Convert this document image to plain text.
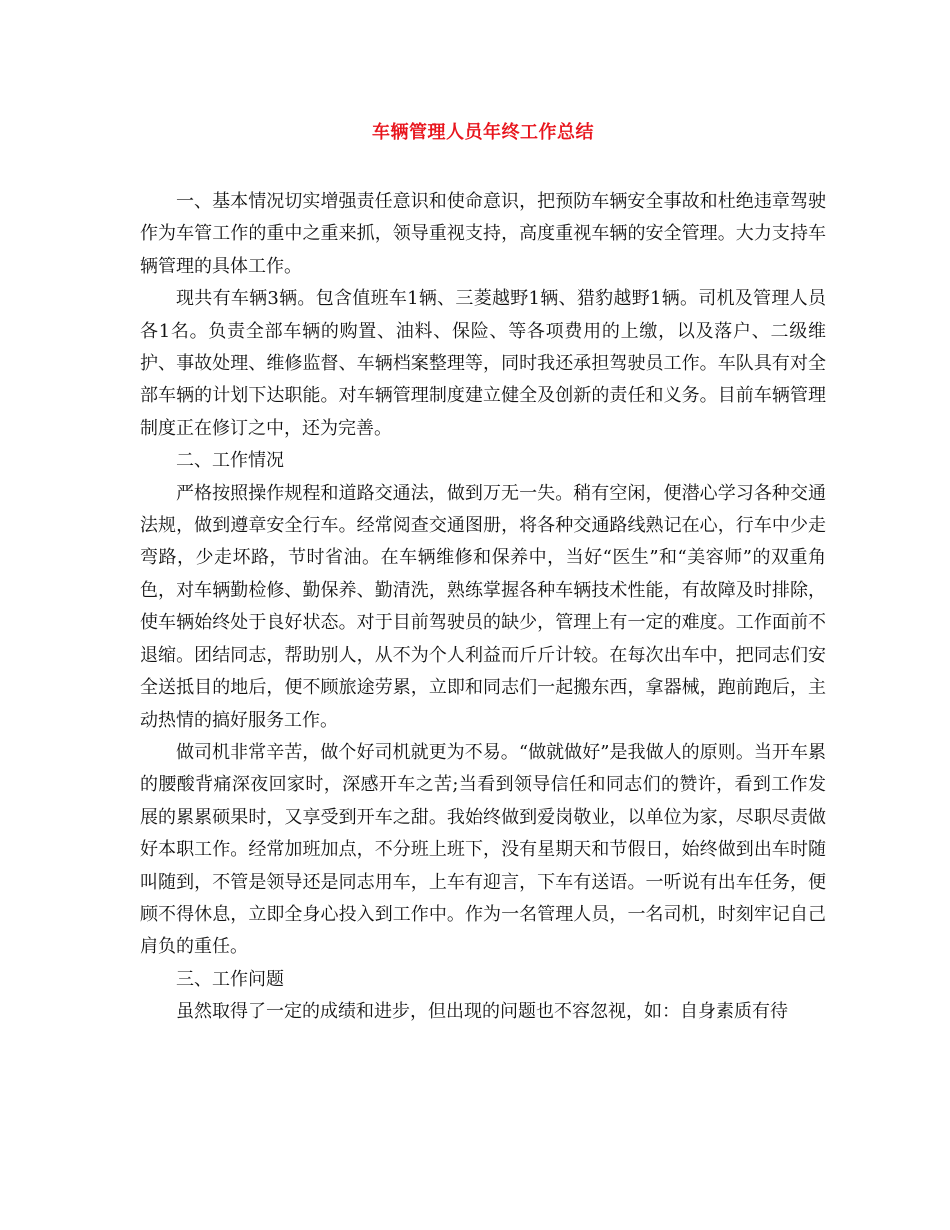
车辆管理人员年终工作总结

一、基本情况切实增强责任意识和使命意识，把预防车辆安全事故和杜绝违章驾驶作为车管工作的重中之重来抓，领导重视支持，高度重视车辆的安全管理。大力支持车辆管理的具体工作。

现共有车辆3辆。包含值班车1辆、三菱越野1辆、猎豹越野1辆。司机及管理人员各1名。负责全部车辆的购置、油料、保险、等各项费用的上缴，以及落户、二级维护、事故处理、维修监督、车辆档案整理等，同时我还承担驾驶员工作。车队具有对全部车辆的计划下达职能。对车辆管理制度建立健全及创新的责任和义务。目前车辆管理制度正在修订之中，还为完善。

二、工作情况

严格按照操作规程和道路交通法，做到万无一失。稍有空闲，便潜心学习各种交通法规，做到遵章安全行车。经常阅查交通图册，将各种交通路线熟记在心，行车中少走弯路，少走坏路，节时省油。在车辆维修和保养中，当好“医生”和“美容师”的双重角色，对车辆勤检修、勤保养、勤清洗，熟练掌握各种车辆技术性能，有故障及时排除，使车辆始终处于良好状态。对于目前驾驶员的缺少，管理上有一定的难度。工作面前不退缩。团结同志，帮助别人，从不为个人利益而斤斤计较。在每次出车中，把同志们安全送抵目的地后，便不顾旅途劳累，立即和同志们一起搬东西，拿器械，跑前跑后，主动热情的搞好服务工作。

做司机非常辛苦，做个好司机就更为不易。“做就做好”是我做人的原则。当开车累的腰酸背痛深夜回家时，深感开车之苦;当看到领导信任和同志们的赞许，看到工作发展的累累硕果时，又享受到开车之甜。我始终做到爱岗敬业，以单位为家，尽职尽责做好本职工作。经常加班加点，不分班上班下，没有星期天和节假日，始终做到出车时随叫随到，不管是领导还是同志用车，上车有迎言，下车有送语。一听说有出车任务，便顾不得休息，立即全身心投入到工作中。作为一名管理人员，一名司机，时刻牢记自己肩负的重任。

三、工作问题

虽然取得了一定的成绩和进步，但出现的问题也不容忽视，如：自身素质有待
